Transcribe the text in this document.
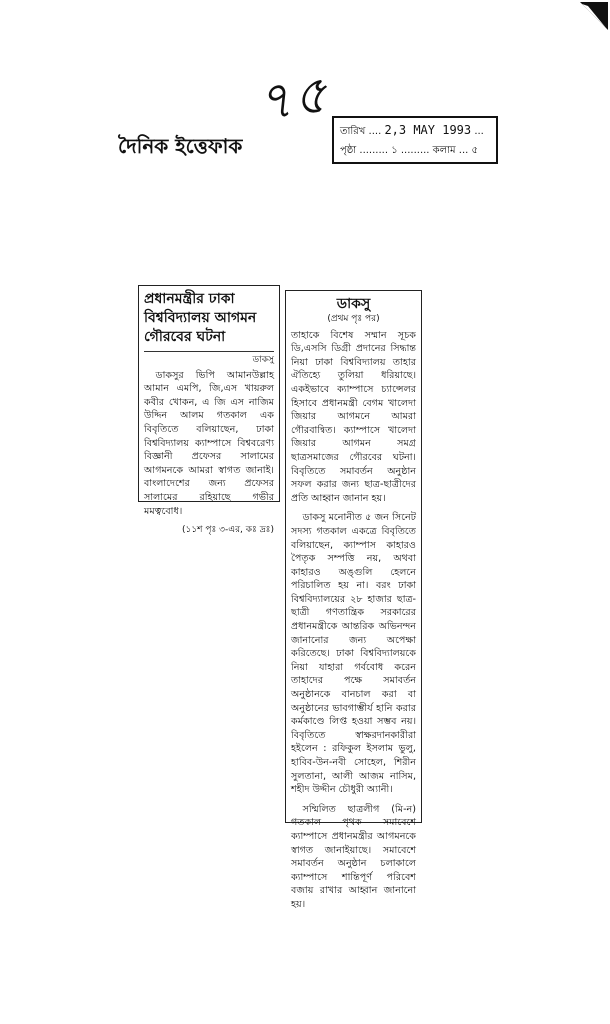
৭৫
দৈনিক ইত্তেফাক
তারিখ .... 2,3 MAY 1993 ...
পৃষ্ঠা ......... ১ ......... কলাম ... ৫
প্রধানমন্ত্রীর ঢাকা বিশ্ববিদ্যালয় আগমন গৌরবের ঘটনা
ডাকসু

ডাকসুর ভিপি আমানউল্লাহ আমান এমপি, জি,এস খায়রুল কবীর খোকন, এ জি এস নাজিম উদ্দিন আলম গতকাল এক বিবৃতিতে বলিয়াছেন, ঢাকা বিশ্ববিদ্যালয় ক্যাম্পাসে বিশ্ববরেণ্য বিজ্ঞানী প্রফেসর সালামের আগমনকে আমরা স্বাগত জানাই। বাংলাদেশের জন্য প্রফেসর সালামের রহিয়াছে গভীর মমত্ববোধ।

(১১শ পৃঃ ৩-এর, কঃ দ্রঃ)
ডাকসু
(প্রথম পৃঃ পর)

তাহাকে বিশেষ সম্মান সূচক ডি,এসসি ডিগ্রী প্রদানের সিদ্ধান্ত নিয়া ঢাকা বিশ্ববিদ্যালয় তাহার ঐতিহ্যে তুলিয়া ধরিয়াছে। একইভাবে ক্যাম্পাসে চ্যান্সেলর হিসাবে প্রধানমন্ত্রী বেগম খালেদা জিয়ার আগমনে আমরা গৌরবান্বিত। ক্যাম্পাসে খালেদা জিয়ার আগমন সমগ্র ছাত্রসমাজের গৌরবের ঘটনা। বিবৃতিতে সমাবর্তন অনুষ্ঠান সফল করার জন্য ছাত্র-ছাত্রীদের প্রতি আহ্বান জানান হয়।

ডাকসু মনোনীত ৫ জন সিনেট সদস্য গতকাল একত্রে বিবৃতিতে বলিয়াছেন, ক্যাম্পাস কাহারও পৈতৃক সম্পত্তি নয়, অথবা কাহারও অঙ্গুলি হেলনে পরিচালিত হয় না। বরং ঢাকা বিশ্ববিদ্যালয়ের ২৮ হাজার ছাত্র-ছাত্রী গণতান্ত্রিক সরকারের প্রধানমন্ত্রীকে আন্তরিক অভিনন্দন জানানোর জন্য অপেক্ষা করিতেছে। ঢাকা বিশ্ববিদ্যালয়কে নিয়া যাহারা গর্ববোধ করেন তাহাদের পক্ষে সমাবর্তন অনুষ্ঠানকে বানচাল করা বা অনুষ্ঠানের ভাবগাম্ভীর্য হানি করার কর্মকাণ্ডে লিপ্ত হওয়া সম্ভব নয়। বিবৃতিতে স্বাক্ষরদানকারীরা হইলেন : রফিকুল ইসলাম ভুলু, হাবিব-উন-নবী সোহেল, শিরীন সুলতানা, আলী আজম নাসিম, শহীদ উদ্দীন চৌধুরী অ্যানী।

সম্মিলিত ছাত্রলীগ (মি-ন) গতকাল পৃথক সমাবেশে ক্যাম্পাসে প্রধানমন্ত্রীর আগমনকে স্বাগত জানাইয়াছে। সমাবেশে সমাবর্তন অনুষ্ঠান চলাকালে ক্যাম্পাসে শান্তিপূর্ণ পরিবেশ বজায় রাখার আহ্বান জানানো হয়।
